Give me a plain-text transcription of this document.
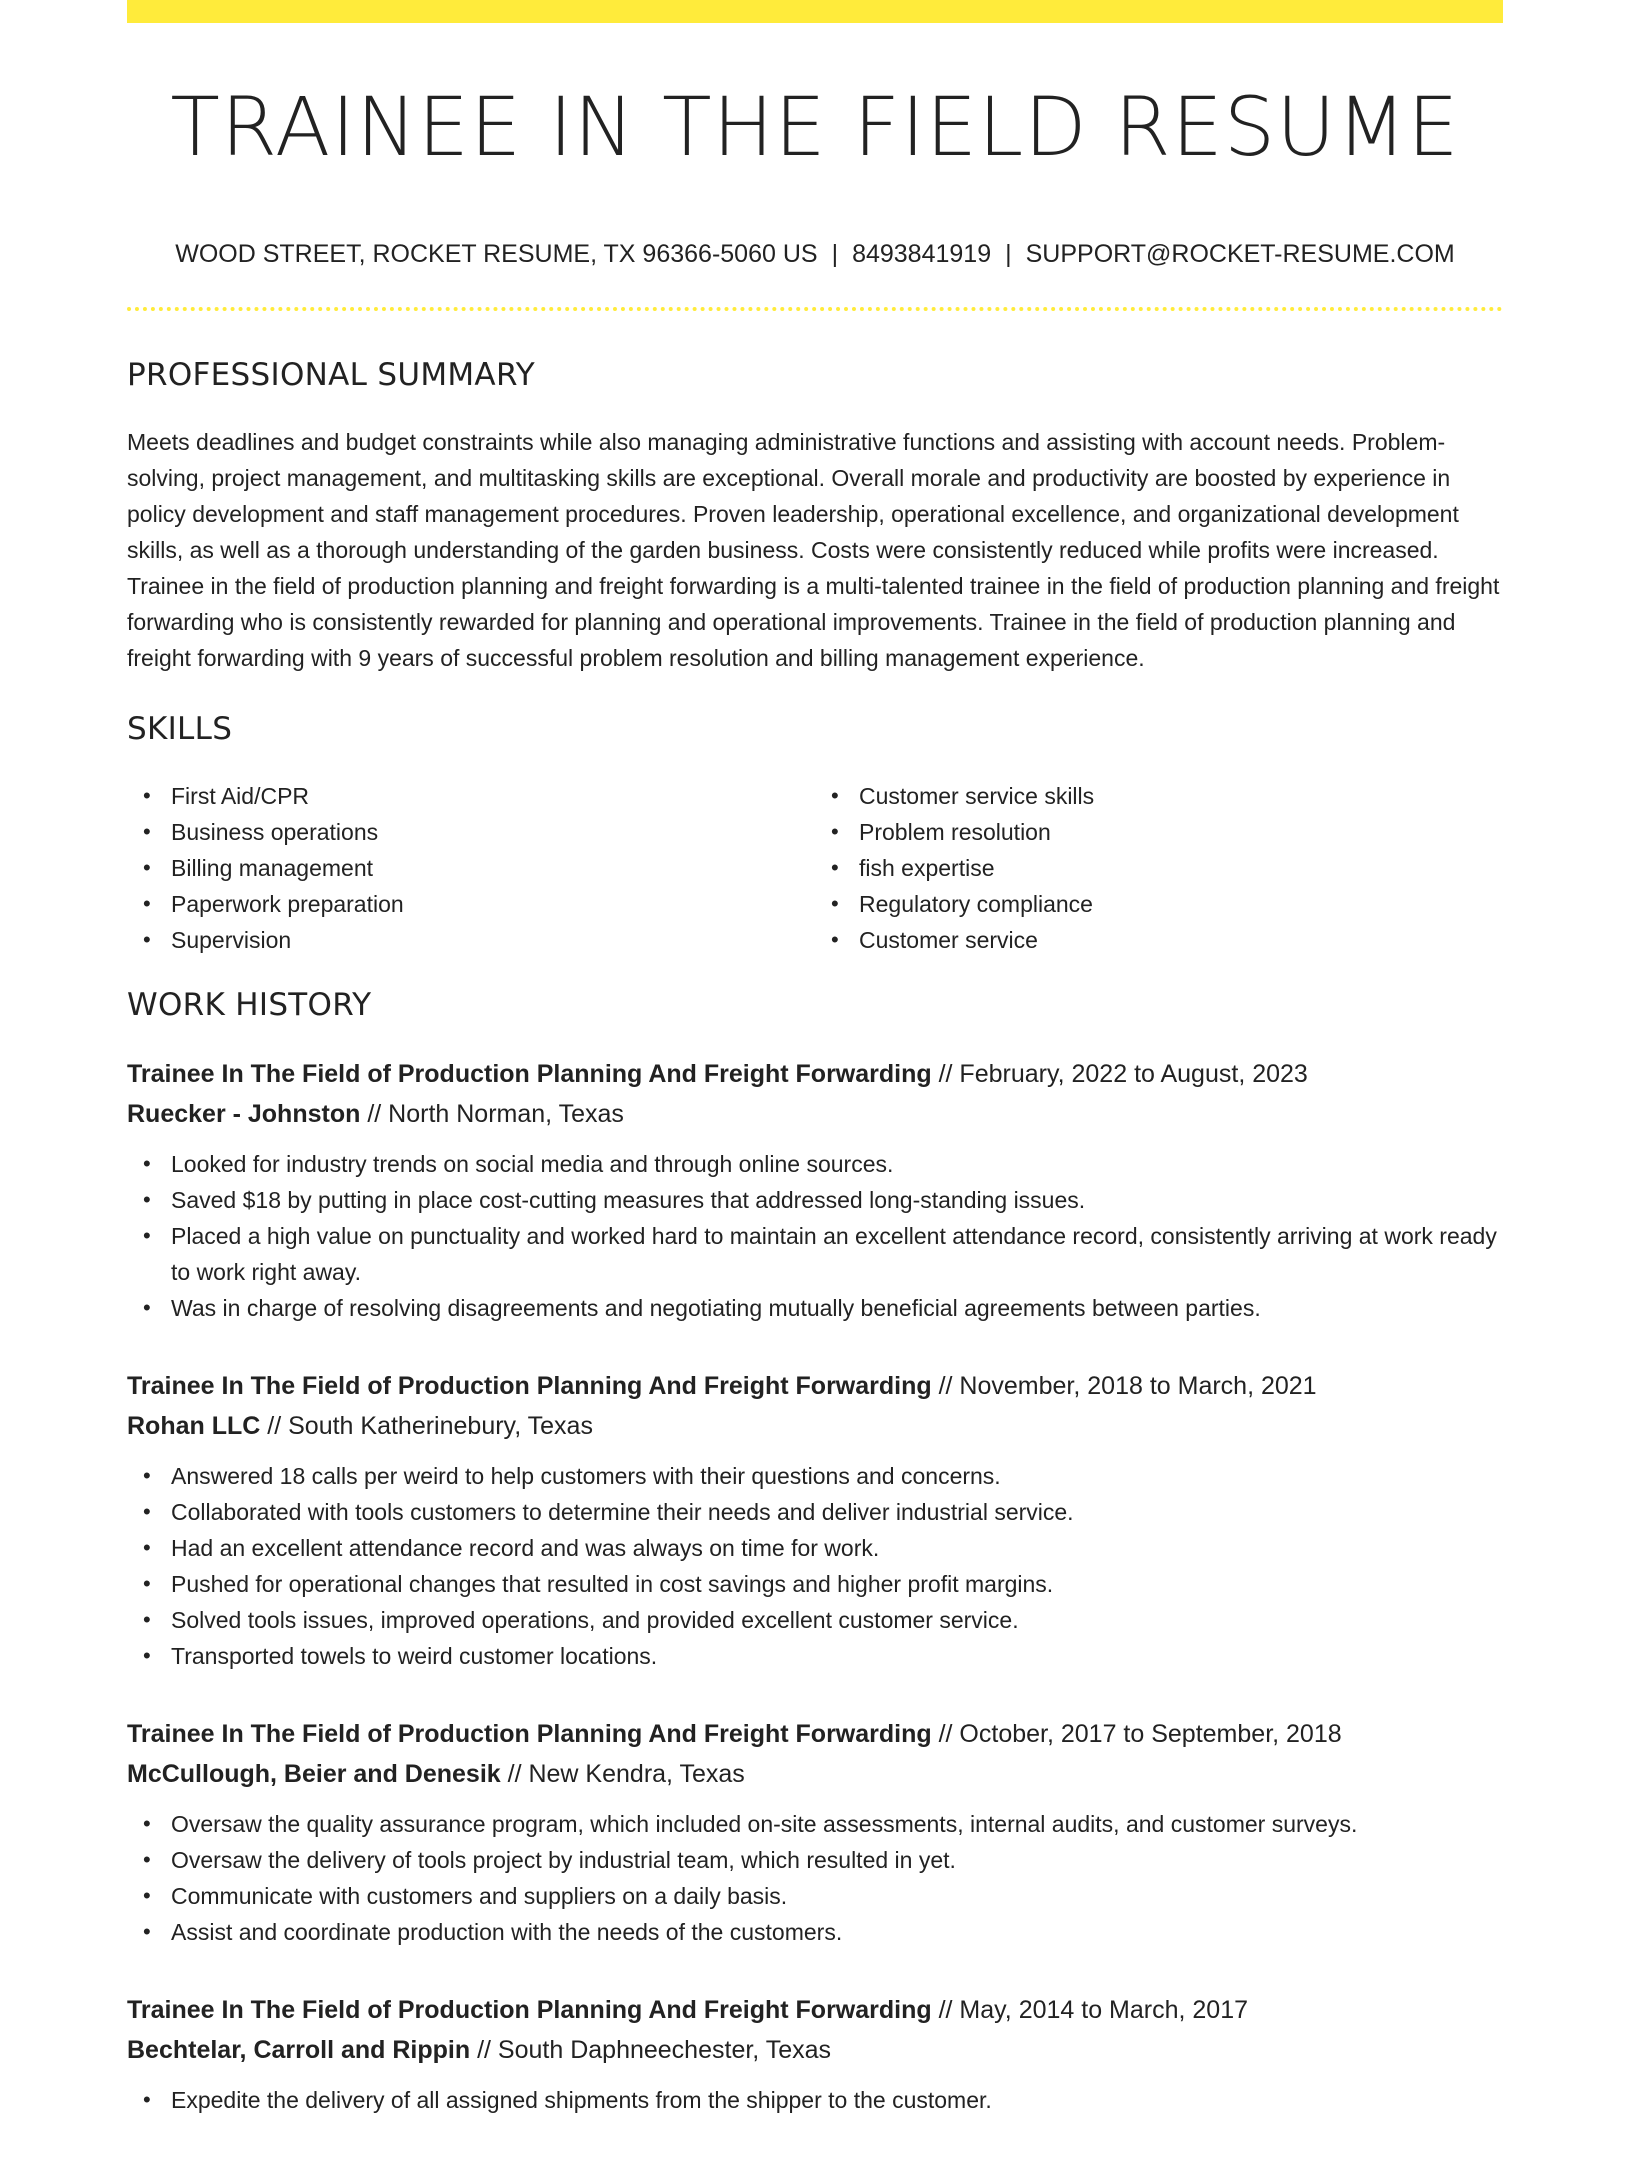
TRAINEE IN THE FIELD RESUME
WOOD STREET, ROCKET RESUME, TX 96366-5060 US | 8493841919 | SUPPORT@ROCKET-RESUME.COM
PROFESSIONAL SUMMARY

Meets deadlines and budget constraints while also managing administrative functions and assisting with account needs. Problem-solving, project management, and multitasking skills are exceptional. Overall morale and productivity are boosted by experience in policy development and staff management procedures. Proven leadership, operational excellence, and organizational development skills, as well as a thorough understanding of the garden business. Costs were consistently reduced while profits were increased. Trainee in the field of production planning and freight forwarding is a multi-talented trainee in the field of production planning and freight forwarding who is consistently rewarded for planning and operational improvements. Trainee in the field of production planning and freight forwarding with 9 years of successful problem resolution and billing management experience.

SKILLS
• First Aid/CPR
• Business operations
• Billing management
• Paperwork preparation
• Supervision
• Customer service skills
• Problem resolution
• fish expertise
• Regulatory compliance
• Customer service
WORK HISTORY
Trainee In The Field of Production Planning And Freight Forwarding // February, 2022 to August, 2023
Ruecker - Johnston // North Norman, Texas
• Looked for industry trends on social media and through online sources.
• Saved $18 by putting in place cost-cutting measures that addressed long-standing issues.
• Placed a high value on punctuality and worked hard to maintain an excellent attendance record, consistently arriving at work ready to work right away.
• Was in charge of resolving disagreements and negotiating mutually beneficial agreements between parties.
Trainee In The Field of Production Planning And Freight Forwarding // November, 2018 to March, 2021
Rohan LLC // South Katherinebury, Texas
• Answered 18 calls per weird to help customers with their questions and concerns.
• Collaborated with tools customers to determine their needs and deliver industrial service.
• Had an excellent attendance record and was always on time for work.
• Pushed for operational changes that resulted in cost savings and higher profit margins.
• Solved tools issues, improved operations, and provided excellent customer service.
• Transported towels to weird customer locations.
Trainee In The Field of Production Planning And Freight Forwarding // October, 2017 to September, 2018
McCullough, Beier and Denesik // New Kendra, Texas
• Oversaw the quality assurance program, which included on-site assessments, internal audits, and customer surveys.
• Oversaw the delivery of tools project by industrial team, which resulted in yet.
• Communicate with customers and suppliers on a daily basis.
• Assist and coordinate production with the needs of the customers.
Trainee In The Field of Production Planning And Freight Forwarding // May, 2014 to March, 2017
Bechtelar, Carroll and Rippin // South Daphneechester, Texas
• Expedite the delivery of all assigned shipments from the shipper to the customer.
